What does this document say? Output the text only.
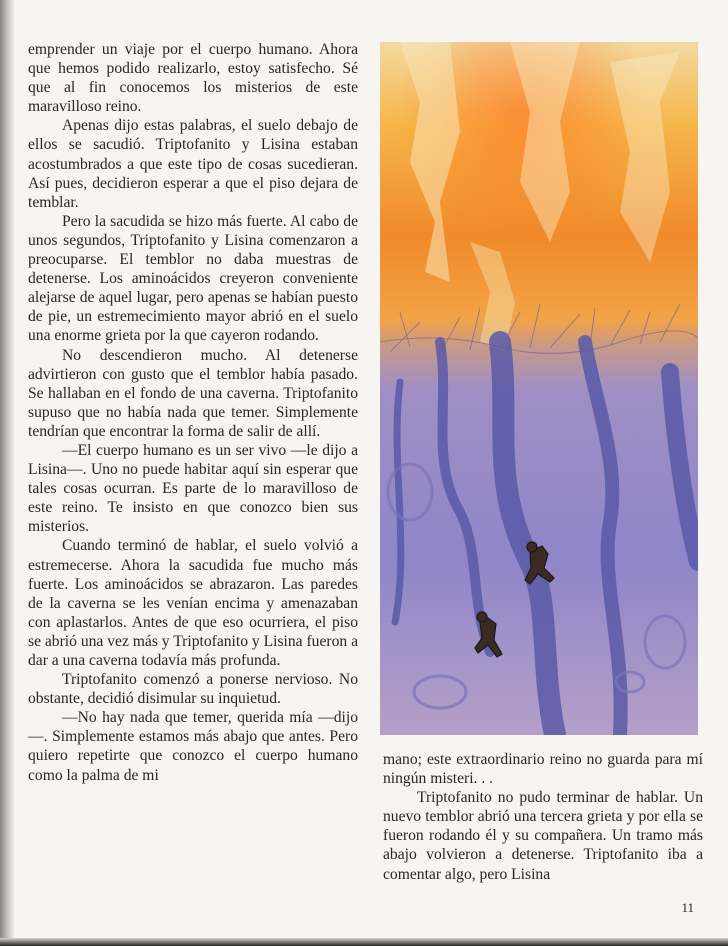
emprender un viaje por el cuerpo humano. Ahora que hemos podido realizarlo, estoy satisfecho. Sé que al fin conocemos los misterios de este maravilloso reino.

Apenas dijo estas palabras, el suelo debajo de ellos se sacudió. Triptofanito y Lisina estaban acostumbrados a que este tipo de cosas sucedieran. Así pues, decidieron esperar a que el piso dejara de temblar.

Pero la sacudida se hizo más fuerte. Al cabo de unos segundos, Triptofanito y Lisina comenzaron a preocuparse. El temblor no daba muestras de detenerse. Los aminoácidos creyeron conveniente alejarse de aquel lugar, pero apenas se habían puesto de pie, un estremecimiento mayor abrió en el suelo una enorme grieta por la que cayeron rodando.

No descendieron mucho. Al detenerse advirtieron con gusto que el temblor había pasado. Se hallaban en el fondo de una caverna. Triptofanito supuso que no había nada que temer. Simplemente tendrían que encontrar la forma de salir de allí.

—El cuerpo humano es un ser vivo —le dijo a Lisina—. Uno no puede habitar aquí sin esperar que tales cosas ocurran. Es parte de lo maravilloso de este reino. Te insisto en que conozco bien sus misterios.

Cuando terminó de hablar, el suelo volvió a estremecerse. Ahora la sacudida fue mucho más fuerte. Los aminoácidos se abrazaron. Las paredes de la caverna se les venían encima y amenazaban con aplastarlos. Antes de que eso ocurriera, el piso se abrió una vez más y Triptofanito y Lisina fueron a dar a una caverna todavía más profunda.

Triptofanito comenzó a ponerse nervioso. No obstante, decidió disimular su inquietud.

—No hay nada que temer, querida mía —dijo—. Simplemente estamos más abajo que antes. Pero quiero repetirte que conozco el cuerpo humano como la palma de mi

mano; este extraordinario reino no guarda para mí ningún misteri. . .

Triptofanito no pudo terminar de hablar. Un nuevo temblor abrió una tercera grieta y por ella se fueron rodando él y su compañera. Un tramo más abajo volvieron a detenerse. Triptofanito iba a comentar algo, pero Lisina

11
